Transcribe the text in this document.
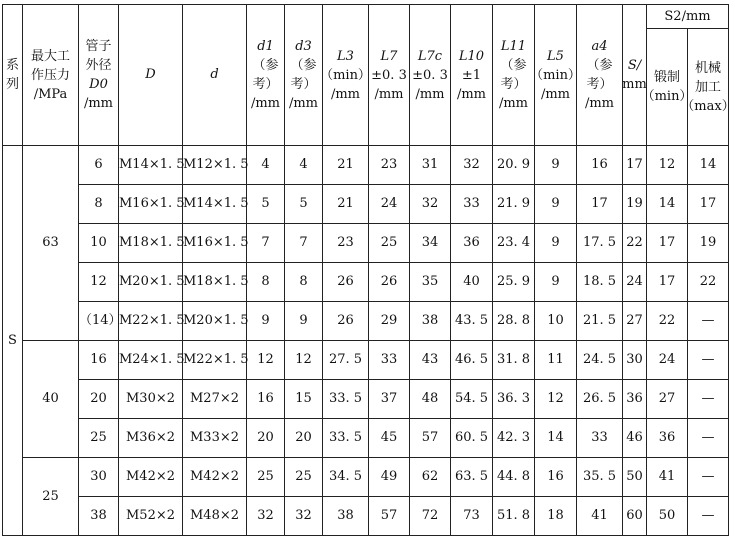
系
列	最大工
作压力
/MPa	管子
外径
D0
/mm	D	d	d1
（参
考）
/mm	d3
（参
考）
/mm	L3
（min）
/mm	L7
±0. 3
/mm	L7c
±0. 3
/mm	L10
±1
/mm	L11
（参
考）
/mm	L5
（min）
/mm	a4
（参
考）
/mm	S/
mm	S2/mm	

															锻制
（min）	机械
加工
（max）

S	63	6	M14×1. 5	M12×1. 5	4	4	21	23	31	32	20. 9	9	16	17	12	14
		8	M16×1. 5	M14×1. 5	5	5	21	24	32	33	21. 9	9	17	19	14	17
		10	M18×1. 5	M16×1. 5	7	7	23	25	34	36	23. 4	9	17. 5	22	17	19
		12	M20×1. 5	M18×1. 5	8	8	26	26	35	40	25. 9	9	18. 5	24	17	22
		（14）	M22×1. 5	M20×1. 5	9	9	26	29	38	43. 5	28. 8	10	21. 5	27	22	—
	40	16	M24×1. 5	M22×1. 5	12	12	27. 5	33	43	46. 5	31. 8	11	24. 5	30	24	—
		20	M30×2	M27×2	16	15	33. 5	37	48	54. 5	36. 3	12	26. 5	36	27	—
		25	M36×2	M33×2	20	20	33. 5	45	57	60. 5	42. 3	14	33	46	36	—
	25	30	M42×2	M42×2	25	25	34. 5	49	62	63. 5	44. 8	16	35. 5	50	41	—
		38	M52×2	M48×2	32	32	38	57	72	73	51. 8	18	41	60	50	—
